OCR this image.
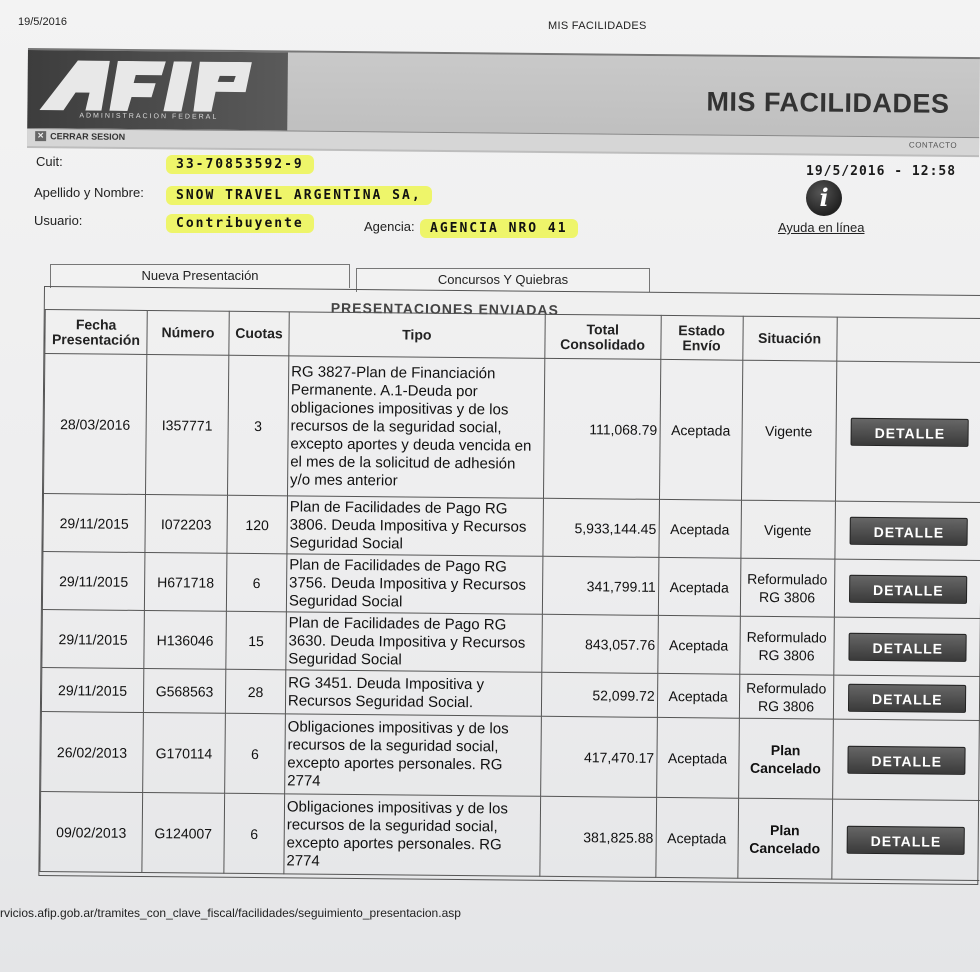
19/5/2016	MIS FACILIDADES
ADMINISTRACION FEDERAL	MIS FACILIDADES
✕ CERRAR SESION
CONTACTO
Cuit:	33-70853592-9
Apellido y Nombre:	SNOW TRAVEL ARGENTINA SA,
Usuario:	Contribuyente	Agencia:	AGENCIA NRO 41
19/5/2016 - 12:58
i
Ayuda en línea
Nueva Presentación	Concursos Y Quiebras
PRESENTACIONES ENVIADAS
Fecha Presentación	Número	Cuotas	Tipo	Total Consolidado	Estado Envío	Situación	
28/03/2016	I357771	3	RG 3827-Plan de Financiación Permanente. A.1-Deuda por obligaciones impositivas y de los recursos de la seguridad social, excepto aportes y deuda vencida en el mes de la solicitud de adhesión y/o mes anterior	111,068.79	Aceptada	Vigente	DETALLE
29/11/2015	I072203	120	Plan de Facilidades de Pago RG 3806. Deuda Impositiva y Recursos Seguridad Social	5,933,144.45	Aceptada	Vigente	DETALLE
29/11/2015	H671718	6	Plan de Facilidades de Pago RG 3756. Deuda Impositiva y Recursos Seguridad Social	341,799.11	Aceptada	Reformulado RG 3806	DETALLE
29/11/2015	H136046	15	Plan de Facilidades de Pago RG 3630. Deuda Impositiva y Recursos Seguridad Social	843,057.76	Aceptada	Reformulado RG 3806	DETALLE
29/11/2015	G568563	28	RG 3451. Deuda Impositiva y Recursos Seguridad Social.	52,099.72	Aceptada	Reformulado RG 3806	DETALLE
26/02/2013	G170114	6	Obligaciones impositivas y de los recursos de la seguridad social, excepto aportes personales. RG 2774	417,470.17	Aceptada	Plan Cancelado	DETALLE
09/02/2013	G124007	6	Obligaciones impositivas y de los recursos de la seguridad social, excepto aportes personales. RG 2774	381,825.88	Aceptada	Plan Cancelado	DETALLE
rvicios.afip.gob.ar/tramites_con_clave_fiscal/facilidades/seguimiento_presentacion.asp
